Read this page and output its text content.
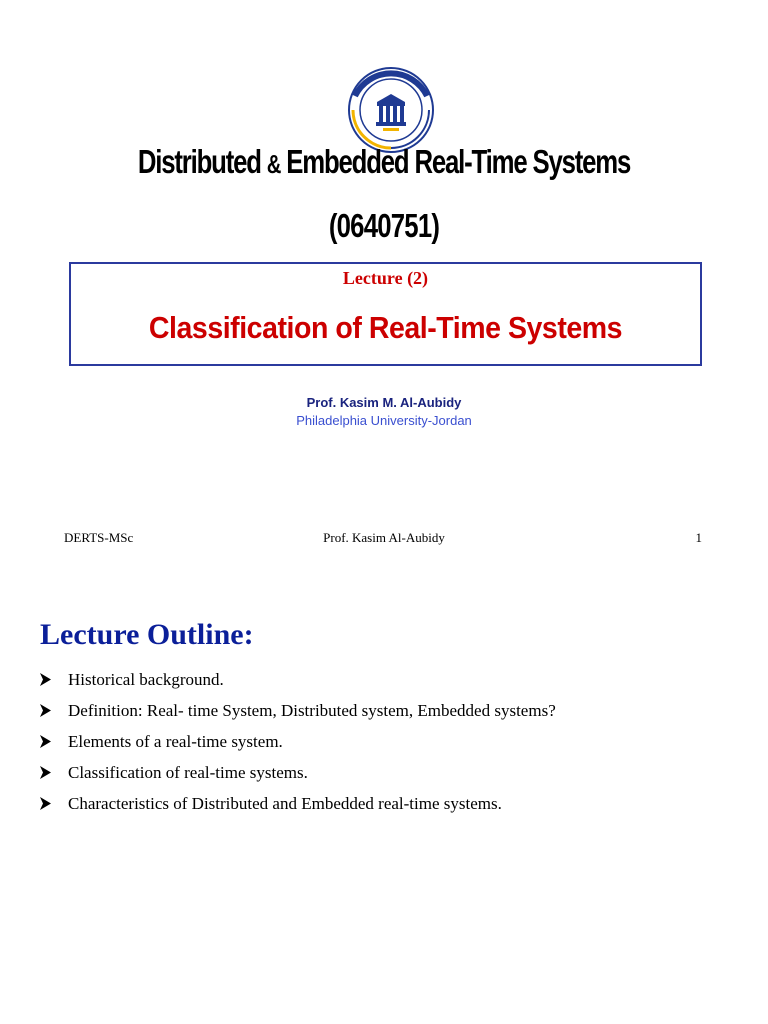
Distributed & Embedded Real-Time Systems
(0640751)
Lecture (2)
Classification of Real-Time Systems
Prof. Kasim M. Al-Aubidy
Philadelphia University-Jordan
DERTS-MSc	Prof. Kasim Al-Aubidy	1
Lecture Outline:
Historical background.
Definition: Real- time System, Distributed system, Embedded systems?
Elements of a real-time system.
Classification of real-time systems.
Characteristics of Distributed and Embedded real-time systems.
